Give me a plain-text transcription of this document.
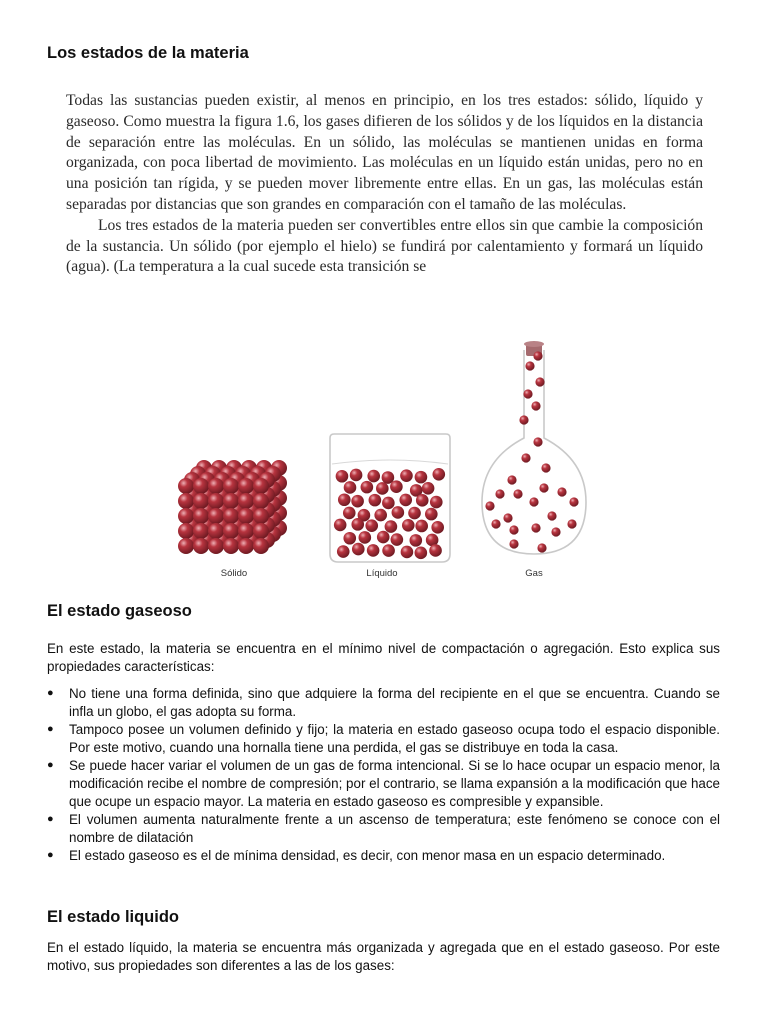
Los estados de la materia

Todas las sustancias pueden existir, al menos en principio, en los tres estados: sólido, líquido y gaseoso. Como muestra la figura 1.6, los gases difieren de los sólidos y de los líquidos en la distancia de separación entre las moléculas. En un sólido, las moléculas se mantienen unidas en forma organizada, con poca libertad de movimiento. Las moléculas en un líquido están unidas, pero no en una posición tan rígida, y se pueden mover libremente entre ellas. En un gas, las moléculas están separadas por distancias que son grandes en comparación con el tamaño de las moléculas.

Los tres estados de la materia pueden ser convertibles entre ellos sin que cambie la composición de la sustancia. Un sólido (por ejemplo el hielo) se fundirá por calentamiento y formará un líquido (agua). (La temperatura a la cual sucede esta transición se

Sólido	Líquido	Gas
El estado gaseoso

En este estado, la materia se encuentra en el mínimo nivel de compactación o agregación. Esto explica sus propiedades características:

● No tiene una forma definida, sino que adquiere la forma del recipiente en el que se encuentra. Cuando se infla un globo, el gas adopta su forma.
● Tampoco posee un volumen definido y fijo; la materia en estado gaseoso ocupa todo el espacio disponible. Por este motivo, cuando una hornalla tiene una perdida, el gas se distribuye en toda la casa.
● Se puede hacer variar el volumen de un gas de forma intencional. Si se lo hace ocupar un espacio menor, la modificación recibe el nombre de compresión; por el contrario, se llama expansión a la modificación que hace que ocupe un espacio mayor. La materia en estado gaseoso es compresible y expansible.
● El volumen aumenta naturalmente frente a un ascenso de temperatura; este fenómeno se conoce con el nombre de dilatación
● El estado gaseoso es el de mínima densidad, es decir, con menor masa en un espacio determinado.
El estado liquido

En el estado líquido, la materia se encuentra más organizada y agregada que en el estado gaseoso. Por este motivo, sus propiedades son diferentes a las de los gases:
